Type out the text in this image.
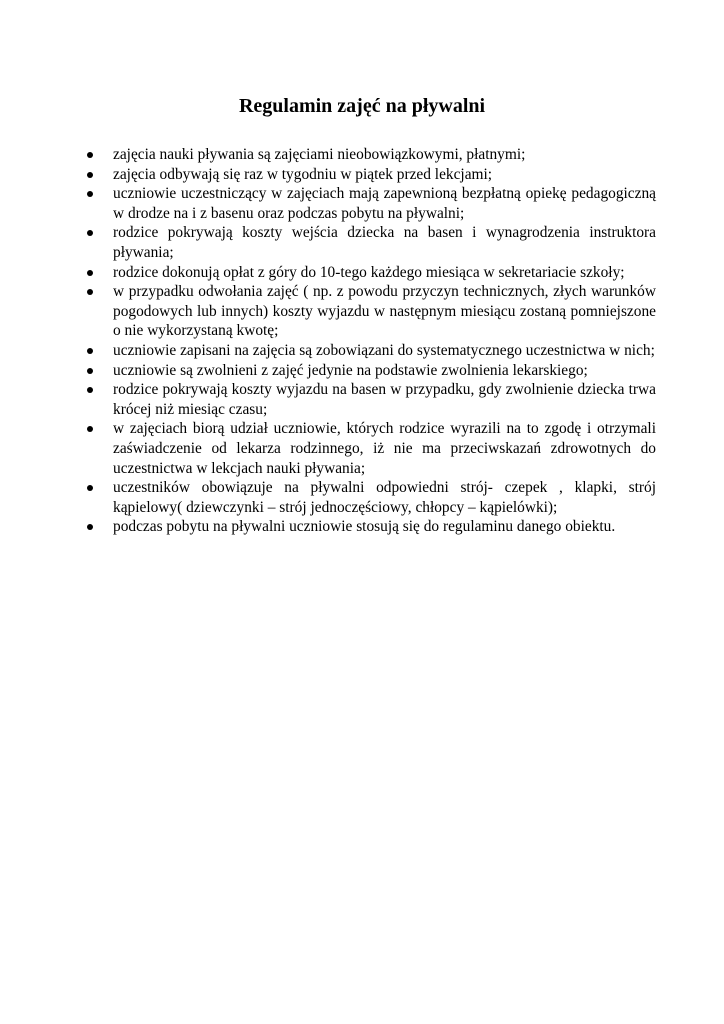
Regulamin zajęć na pływalni
zajęcia nauki pływania są zajęciami nieobowiązkowymi, płatnymi;
zajęcia odbywają się raz w tygodniu w piątek przed lekcjami;
uczniowie uczestniczący w zajęciach mają zapewnioną bezpłatną opiekę pedagogiczną w drodze na i z basenu oraz podczas pobytu na pływalni;
rodzice pokrywają koszty wejścia dziecka na basen i wynagrodzenia instruktora pływania;
rodzice dokonują opłat z góry do 10-tego każdego miesiąca w sekretariacie szkoły;
w przypadku odwołania zajęć ( np. z powodu przyczyn technicznych, złych warunków pogodowych lub innych) koszty wyjazdu w następnym miesiącu zostaną pomniejszone o nie wykorzystaną kwotę;
uczniowie zapisani na zajęcia są zobowiązani do systematycznego uczestnictwa w nich;
uczniowie są zwolnieni z zajęć jedynie na podstawie zwolnienia lekarskiego;
rodzice pokrywają koszty wyjazdu na basen w przypadku, gdy zwolnienie dziecka trwa krócej niż miesiąc czasu;
w zajęciach biorą udział uczniowie, których rodzice wyrazili na to zgodę i otrzymali zaświadczenie od lekarza rodzinnego, iż nie ma przeciwskazań zdrowotnych do uczestnictwa w lekcjach nauki pływania;
uczestników obowiązuje na pływalni odpowiedni strój- czepek , klapki, strój kąpielowy( dziewczynki – strój jednoczęściowy, chłopcy – kąpielówki);
podczas pobytu na pływalni uczniowie stosują się do regulaminu danego obiektu.
